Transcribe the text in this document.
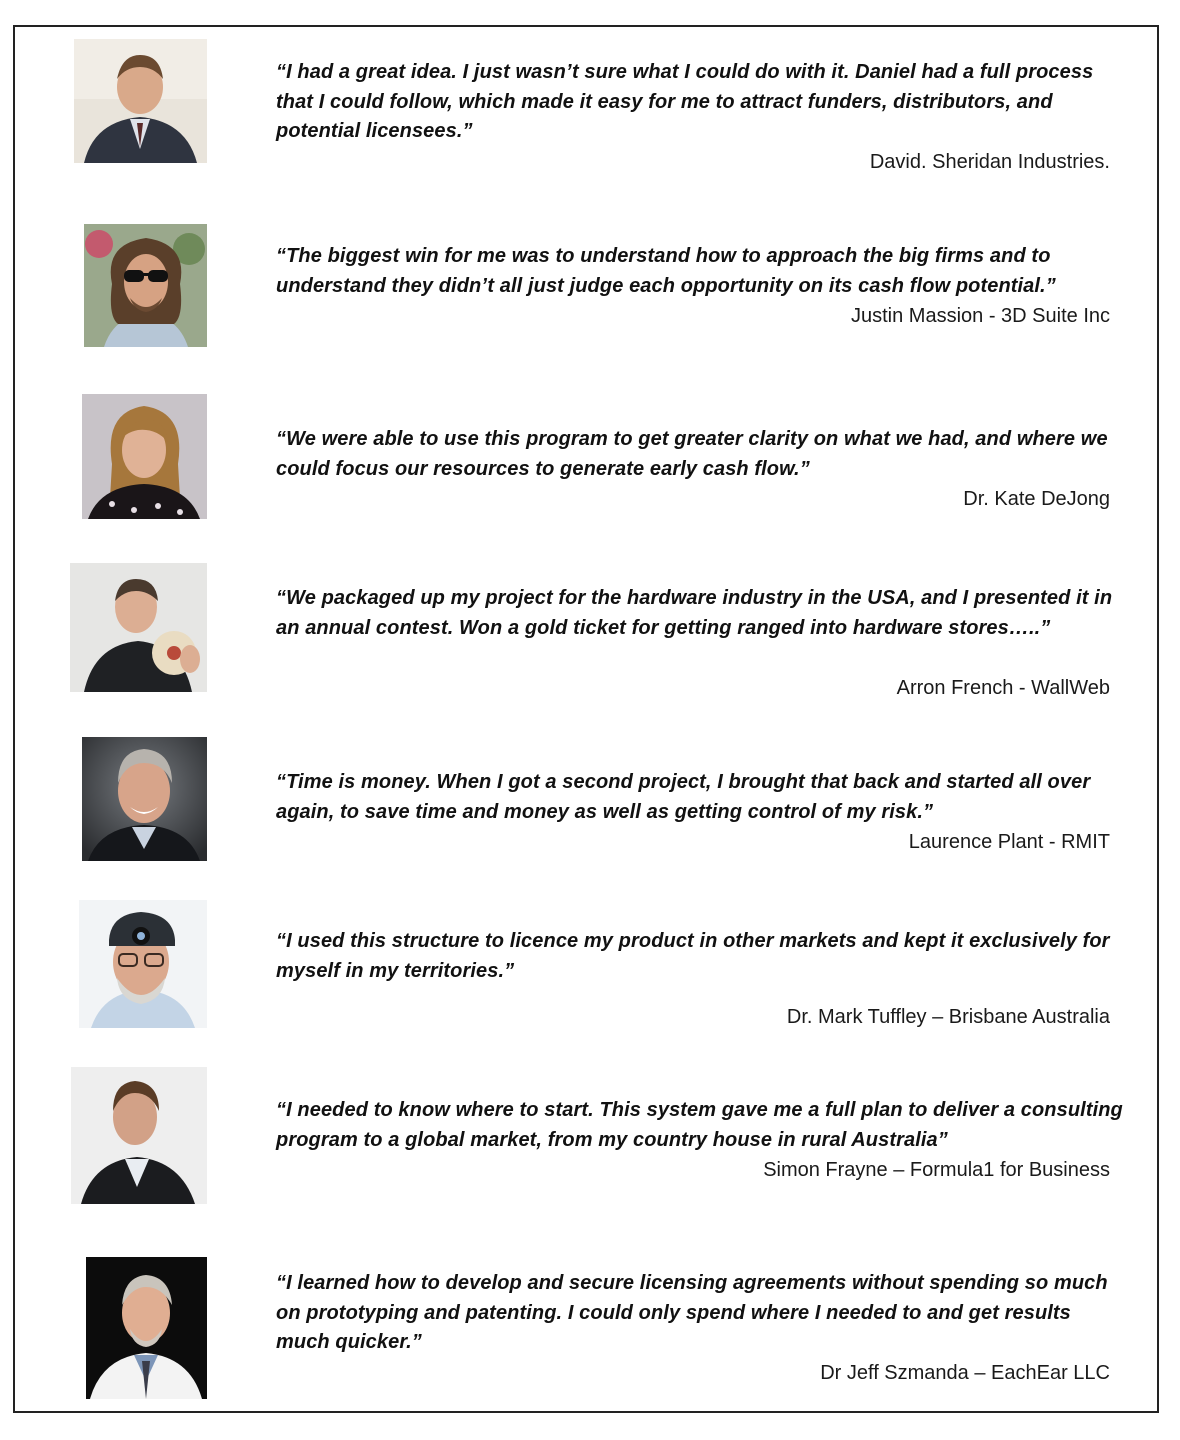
“I had a great idea. I just wasn’t sure what I could do with it. Daniel had a full process that I could follow, which made it easy for me to attract funders, distributors, and potential licensees.”

David. Sheridan Industries.

“The biggest win for me was to understand how to approach the big firms and to understand they didn’t all just judge each opportunity on its cash flow potential.”

Justin Massion - 3D Suite Inc

“We were able to use this program to get greater clarity on what we had, and where we could focus our resources to generate early cash flow.”

Dr. Kate DeJong

“We packaged up my project for the hardware industry in the USA, and I presented it in an annual contest. Won a gold ticket for getting ranged into hardware stores…..”

Arron French - WallWeb

“Time is money. When I got a second project, I brought that back and started all over again, to save time and money as well as getting control of my risk.”

Laurence Plant - RMIT

“I used this structure to licence my product in other markets and kept it exclusively for myself in my territories.”

Dr. Mark Tuffley – Brisbane Australia

“I needed to know where to start. This system gave me a full plan to deliver a consulting program to a global market, from my country house in rural Australia”

Simon Frayne – Formula1 for Business

“I learned how to develop and secure licensing agreements without spending so much on prototyping and patenting. I could only spend where I needed to and get results much quicker.”

Dr Jeff Szmanda – EachEar LLC
